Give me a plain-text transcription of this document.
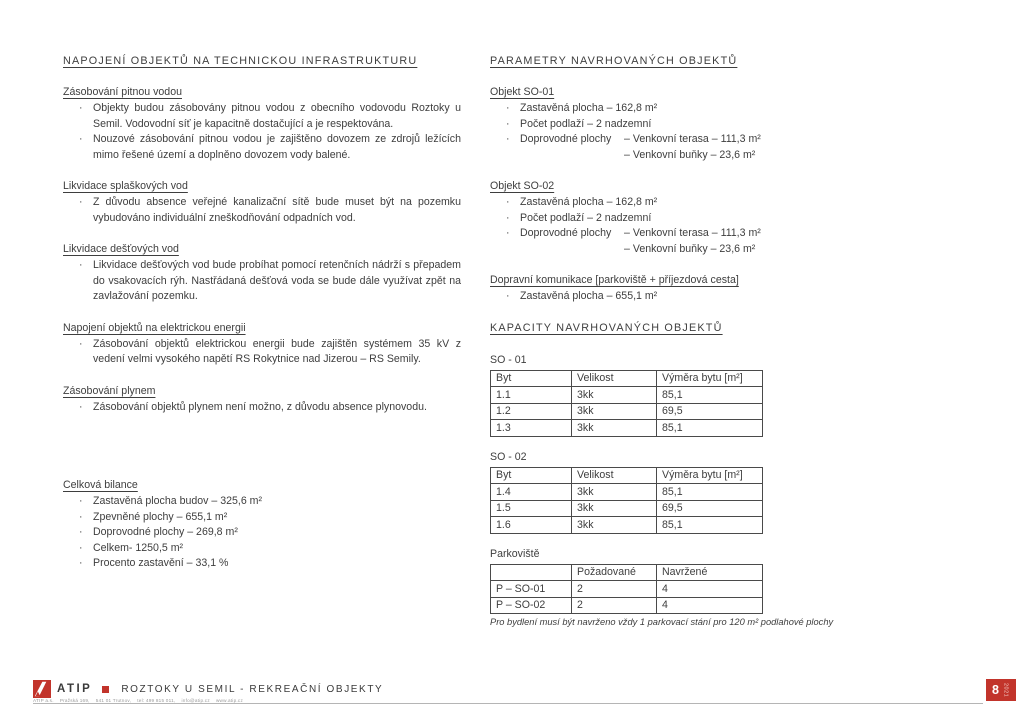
NAPOJENÍ OBJEKTŮ NA TECHNICKOU INFRASTRUKTURU
Zásobování pitnou vodou
· Objekty budou zásobovány pitnou vodou z obecního vodovodu Roztoky u Semil. Vodovodní síť je kapacitně dostačující a je respektována.
· Nouzové zásobování pitnou vodou je zajištěno dovozem ze zdrojů ležících mimo řešené území a doplněno dovozem vody balené.
Likvidace splaškových vod
· Z důvodu absence veřejné kanalizační sítě bude muset být na pozemku vybudováno individuální zneškodňování odpadních vod.
Likvidace dešťových vod
· Likvidace dešťových vod bude probíhat pomocí retenčních nádrží s přepadem do vsakovacích rýh. Nastřádaná dešťová voda se bude dále využívat zpět na zavlažování pozemku.
Napojení objektů na elektrickou energii
· Zásobování objektů elektrickou energii bude zajištěn systémem 35 kV z vedení velmi vysokého napětí RS Rokytnice nad Jizerou – RS Semily.
Zásobování plynem
· Zásobování objektů plynem není možno, z důvodu absence plynovodu.
Celková bilance
· Zastavěná plocha budov – 325,6 m²
· Zpevněné plochy – 655,1 m²
· Doprovodné plochy – 269,8 m²
· Celkem- 1250,5 m²
· Procento zastavění – 33,1 %
PARAMETRY NAVRHOVANÝCH OBJEKTŮ
Objekt SO-01
· Zastavěná plocha – 162,8 m²
· Počet podlaží – 2 nadzemní
· Doprovodné plochy	– Venkovní terasa – 111,3 m²
– Venkovní buňky – 23,6 m²
Objekt SO-02
· Zastavěná plocha – 162,8 m²
· Počet podlaží – 2 nadzemní
· Doprovodné plochy	– Venkovní terasa – 111,3 m²
– Venkovní buňky – 23,6 m²
Dopravní komunikace [parkoviště + příjezdová cesta]
· Zastavěná plocha – 655,1 m²
KAPACITY NAVRHOVANÝCH OBJEKTŮ
SO - 01
Byt	Velikost	Výměra bytu [m²]
1.1	3kk	85,1
1.2	3kk	69,5
1.3	3kk	85,1
SO - 02
Byt	Velikost	Výměra bytu [m²]
1.4	3kk	85,1
1.5	3kk	69,5
1.6	3kk	85,1
Parkoviště
	Požadované	Navržené
P – SO-01	2	4
P – SO-02	2	4
Pro bydlení musí být navrženo vždy 1 parkovací stání pro 120 m² podlahové plochy
ATIP	ROZTOKY U SEMIL - REKREAČNÍ OBJEKTY
ATIP a.s.    Pražská 169,    541 01 Trutnov,    tel: 499 815 011,    info@atip.cz    www.atip.cz
8 2021
